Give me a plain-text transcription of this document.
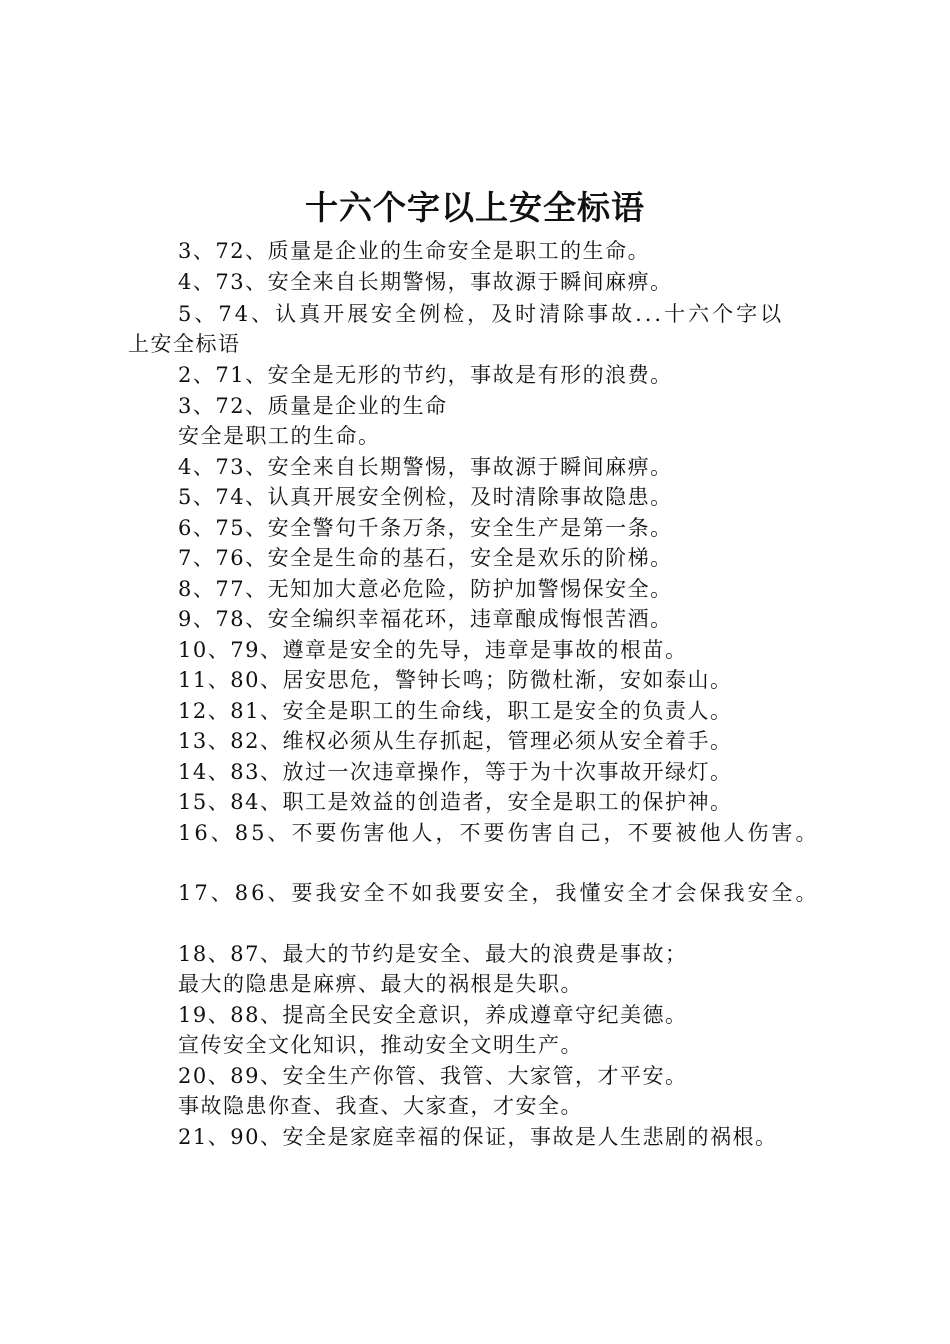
十六个字以上安全标语

3、72、质量是企业的生命安全是职工的生命。

4、73、安全来自长期警惕，事故源于瞬间麻痹。

5、74、认真开展安全例检，及时清除事故...十六个字以

上安全标语

2、71、安全是无形的节约，事故是有形的浪费。

3、72、质量是企业的生命

安全是职工的生命。

4、73、安全来自长期警惕，事故源于瞬间麻痹。

5、74、认真开展安全例检，及时清除事故隐患。

6、75、安全警句千条万条，安全生产是第一条。

7、76、安全是生命的基石，安全是欢乐的阶梯。

8、77、无知加大意必危险，防护加警惕保安全。

9、78、安全编织幸福花环，违章酿成悔恨苦酒。

10、79、遵章是安全的先导，违章是事故的根苗。

11、80、居安思危，警钟长鸣；防微杜渐，安如泰山。

12、81、安全是职工的生命线，职工是安全的负责人。

13、82、维权必须从生存抓起，管理必须从安全着手。

14、83、放过一次违章操作，等于为十次事故开绿灯。

15、84、职工是效益的创造者，安全是职工的保护神。

16、85、不要伤害他人，不要伤害自己，不要被他人伤害。

17、86、要我安全不如我要安全，我懂安全才会保我安全。

18、87、最大的节约是安全、最大的浪费是事故；

最大的隐患是麻痹、最大的祸根是失职。

19、88、提高全民安全意识，养成遵章守纪美德。

宣传安全文化知识，推动安全文明生产。

20、89、安全生产你管、我管、大家管，才平安。

事故隐患你查、我查、大家查，才安全。

21、90、安全是家庭幸福的保证，事故是人生悲剧的祸根。
